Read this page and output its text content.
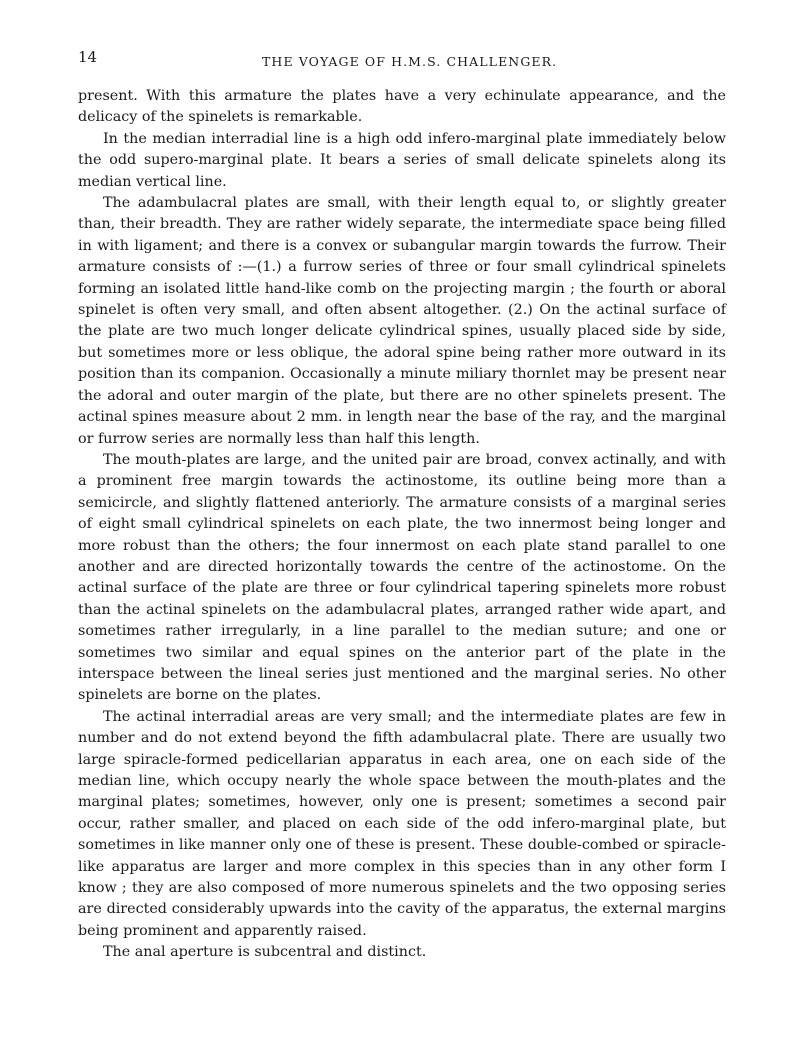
14	THE VOYAGE OF H.M.S. CHALLENGER.

present. With this armature the plates have a very echinulate appearance, and the delicacy of the spinelets is remarkable.

In the median interradial line is a high odd infero-marginal plate immediately below the odd supero-marginal plate. It bears a series of small delicate spinelets along its median vertical line.

The adambulacral plates are small, with their length equal to, or slightly greater than, their breadth. They are rather widely separate, the intermediate space being filled in with ligament; and there is a convex or subangular margin towards the furrow. Their armature consists of :—(1.) a furrow series of three or four small cylindrical spinelets forming an isolated little hand-like comb on the projecting margin ; the fourth or aboral spinelet is often very small, and often absent altogether. (2.) On the actinal surface of the plate are two much longer delicate cylindrical spines, usually placed side by side, but sometimes more or less oblique, the adoral spine being rather more outward in its position than its companion. Occasionally a minute miliary thornlet may be present near the adoral and outer margin of the plate, but there are no other spinelets present. The actinal spines measure about 2 mm. in length near the base of the ray, and the marginal or furrow series are normally less than half this length.

The mouth-plates are large, and the united pair are broad, convex actinally, and with a prominent free margin towards the actinostome, its outline being more than a semicircle, and slightly flattened anteriorly. The armature consists of a marginal series of eight small cylindrical spinelets on each plate, the two innermost being longer and more robust than the others; the four innermost on each plate stand parallel to one another and are directed horizontally towards the centre of the actinostome. On the actinal surface of the plate are three or four cylindrical tapering spinelets more robust than the actinal spinelets on the adambulacral plates, arranged rather wide apart, and sometimes rather irregularly, in a line parallel to the median suture; and one or sometimes two similar and equal spines on the anterior part of the plate in the interspace between the lineal series just mentioned and the marginal series. No other spinelets are borne on the plates.

The actinal interradial areas are very small; and the intermediate plates are few in number and do not extend beyond the fifth adambulacral plate. There are usually two large spiracle-formed pedicellarian apparatus in each area, one on each side of the median line, which occupy nearly the whole space between the mouth-plates and the marginal plates; sometimes, however, only one is present; sometimes a second pair occur, rather smaller, and placed on each side of the odd infero-marginal plate, but sometimes in like manner only one of these is present. These double-combed or spiracle-like apparatus are larger and more complex in this species than in any other form I know ; they are also composed of more numerous spinelets and the two opposing series are directed considerably upwards into the cavity of the apparatus, the external margins being prominent and apparently raised.

The anal aperture is subcentral and distinct.
